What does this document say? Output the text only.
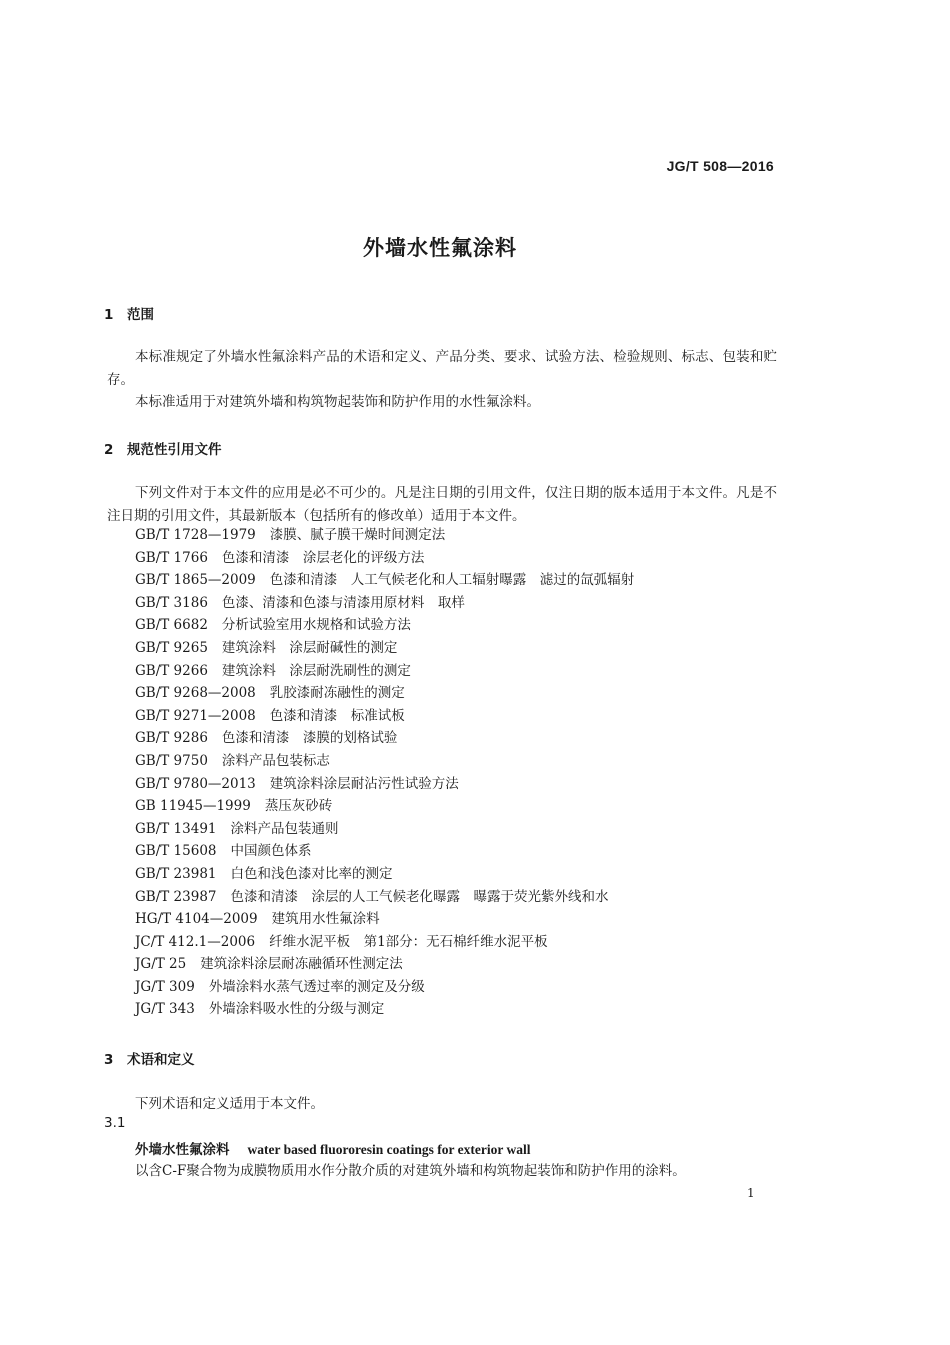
JG/T 508—2016
外墙水性氟涂料
1 范围
本标准规定了外墙水性氟涂料产品的术语和定义、产品分类、要求、试验方法、检验规则、标志、包装和贮存。
本标准适用于对建筑外墙和构筑物起装饰和防护作用的水性氟涂料。
2 规范性引用文件
下列文件对于本文件的应用是必不可少的。凡是注日期的引用文件，仅注日期的版本适用于本文件。凡是不注日期的引用文件，其最新版本（包括所有的修改单）适用于本文件。
GB/T 1728—1979 漆膜、腻子膜干燥时间测定法
GB/T 1766 色漆和清漆　涂层老化的评级方法
GB/T 1865—2009 色漆和清漆　人工气候老化和人工辐射曝露　滤过的氙弧辐射
GB/T 3186 色漆、清漆和色漆与清漆用原材料　取样
GB/T 6682 分析试验室用水规格和试验方法
GB/T 9265 建筑涂料　涂层耐碱性的测定
GB/T 9266 建筑涂料　涂层耐洗刷性的测定
GB/T 9268—2008 乳胶漆耐冻融性的测定
GB/T 9271—2008 色漆和清漆　标准试板
GB/T 9286 色漆和清漆　漆膜的划格试验
GB/T 9750 涂料产品包装标志
GB/T 9780—2013 建筑涂料涂层耐沾污性试验方法
GB 11945—1999 蒸压灰砂砖
GB/T 13491 涂料产品包装通则
GB/T 15608 中国颜色体系
GB/T 23981 白色和浅色漆对比率的测定
GB/T 23987 色漆和清漆　涂层的人工气候老化曝露　曝露于荧光紫外线和水
HG/T 4104—2009 建筑用水性氟涂料
JC/T 412.1—2006 纤维水泥平板　第1部分：无石棉纤维水泥平板
JG/T 25 建筑涂料涂层耐冻融循环性测定法
JG/T 309 外墙涂料水蒸气透过率的测定及分级
JG/T 343 外墙涂料吸水性的分级与测定
3 术语和定义
下列术语和定义适用于本文件。
3.1
外墙水性氟涂料 water based fluororesin coatings for exterior wall
以含C-F聚合物为成膜物质用水作分散介质的对建筑外墙和构筑物起装饰和防护作用的涂料。
1
